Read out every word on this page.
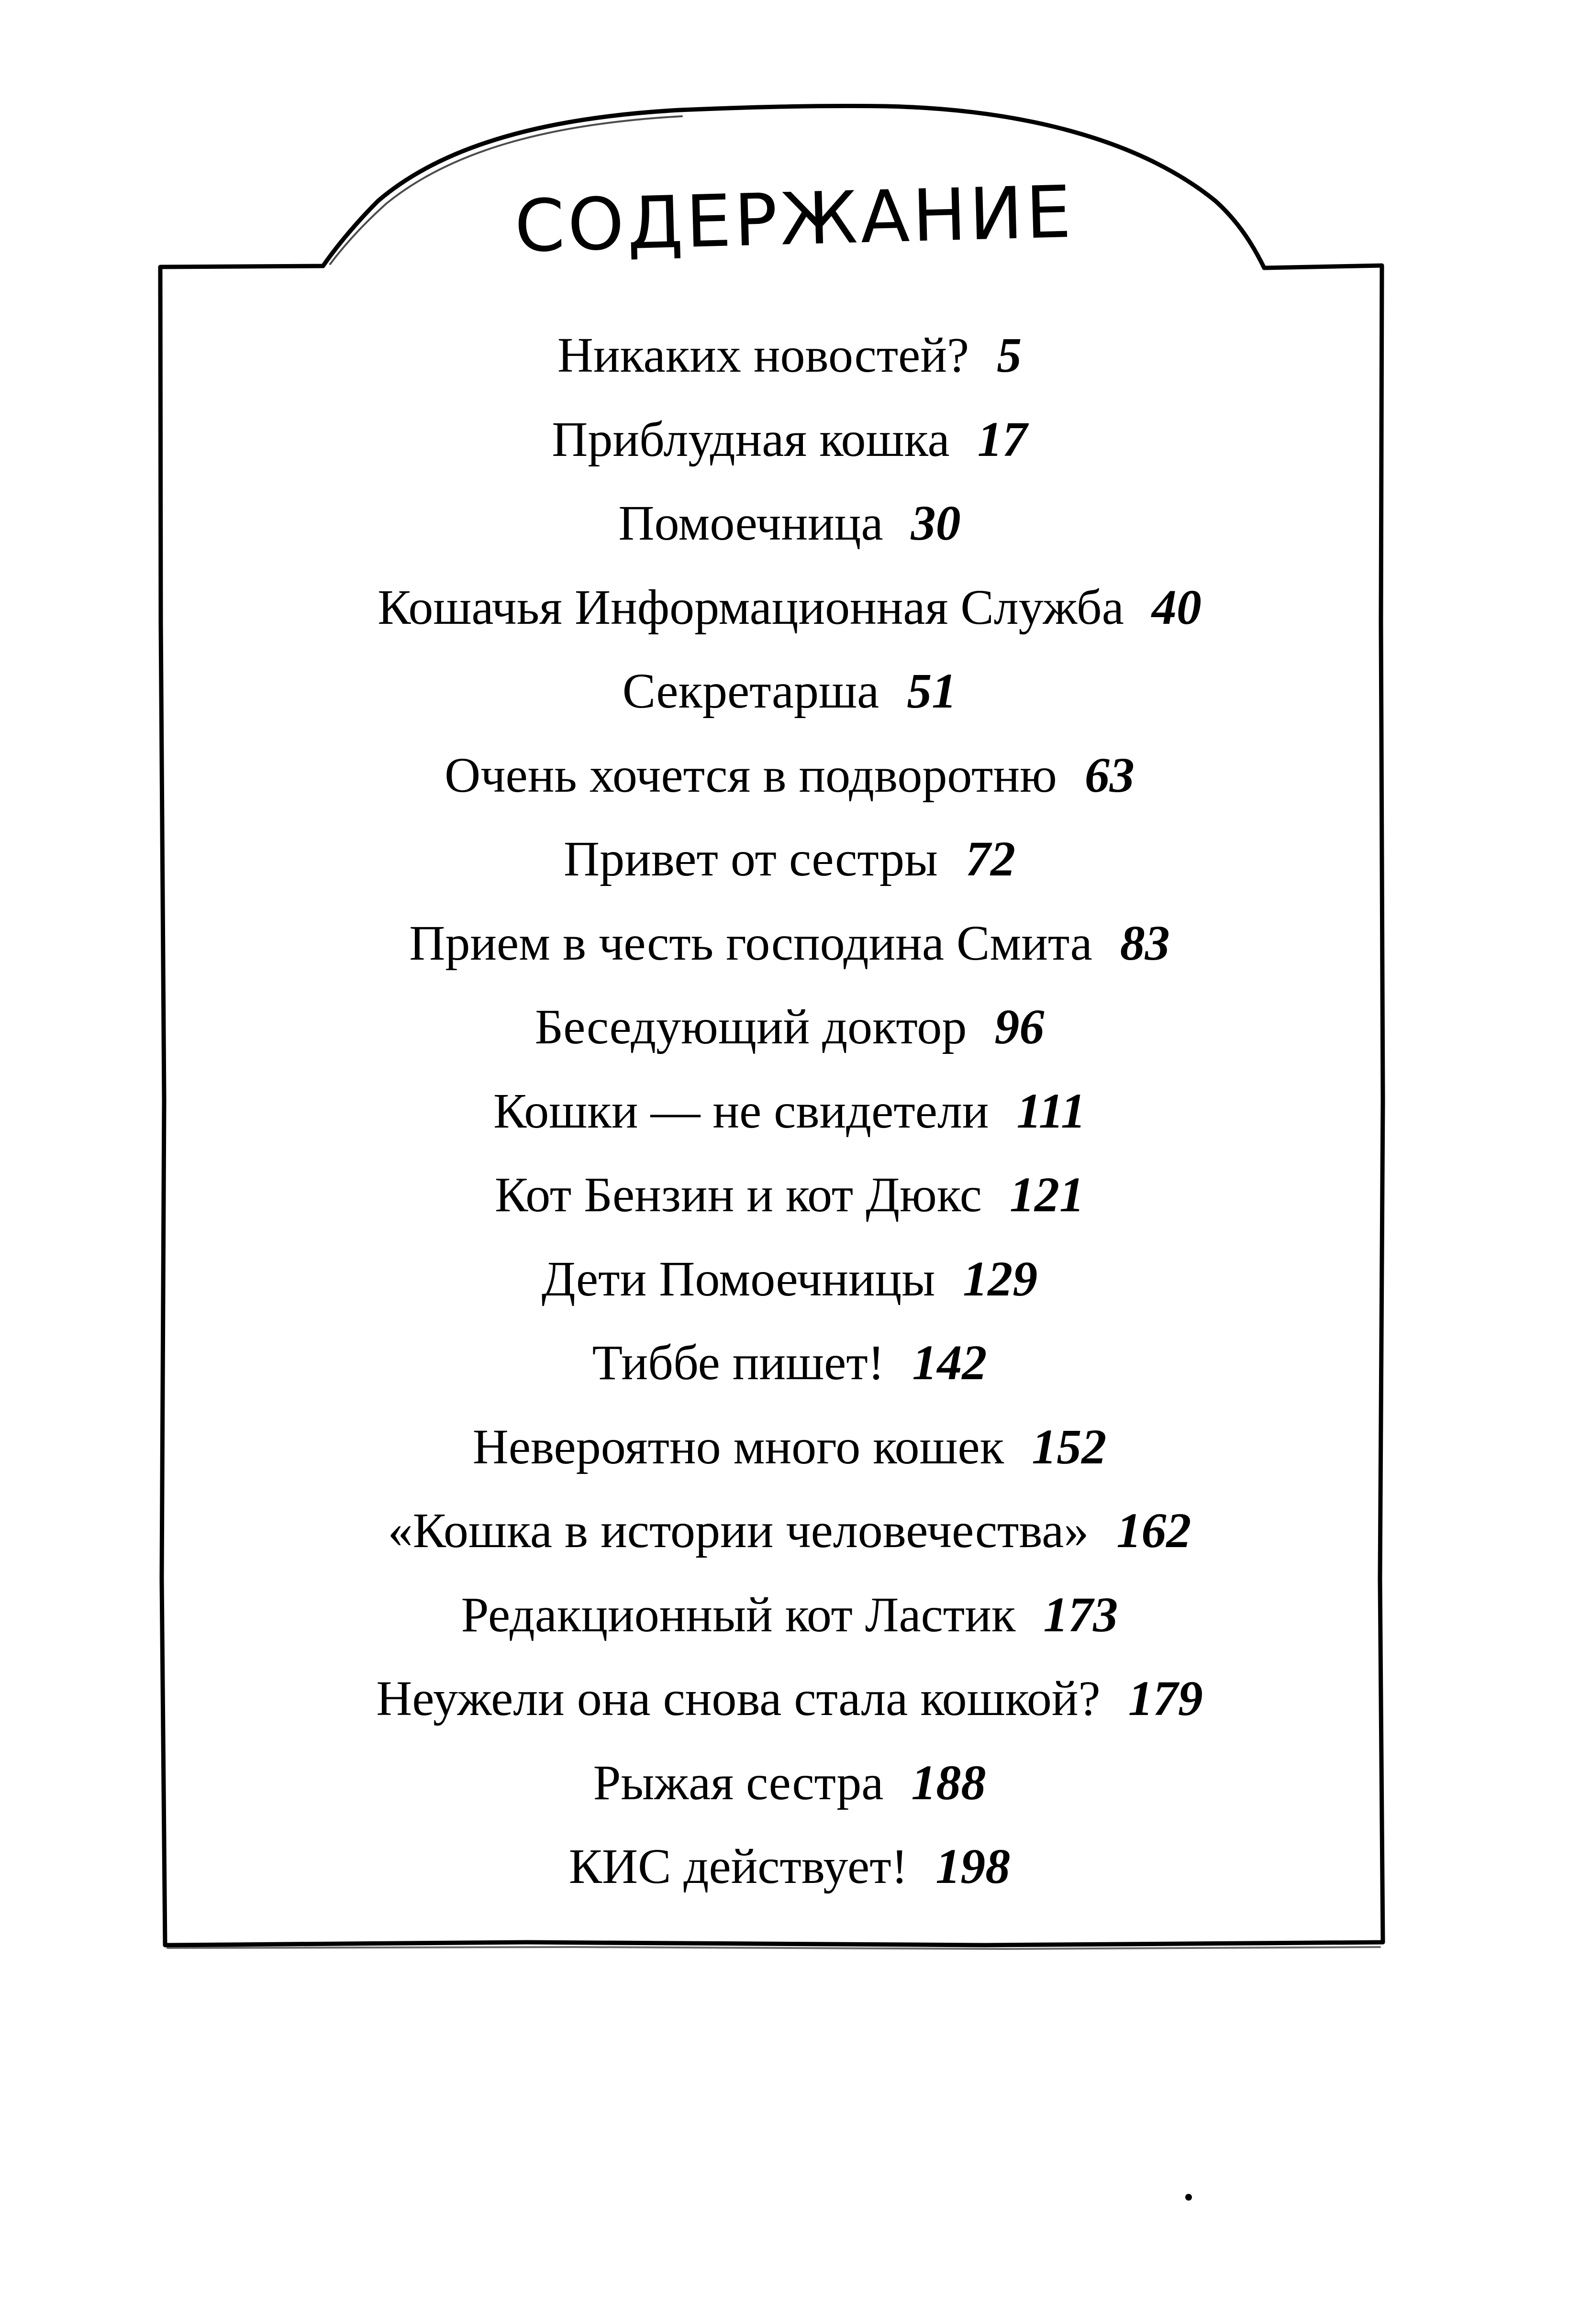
СОДЕРЖАНИЕ
Никаких новостей? 5
Приблудная кошка 17
Помоечница 30
Кошачья Информационная Служба 40
Секретарша 51
Очень хочется в подворотню 63
Привет от сестры 72
Прием в честь господина Смита 83
Беседующий доктор 96
Кошки — не свидетели 111
Кот Бензин и кот Дюкс 121
Дети Помоечницы 129
Тиббе пишет! 142
Невероятно много кошек 152
«Кошка в истории человечества» 162
Редакционный кот Ластик 173
Неужели она снова стала кошкой? 179
Рыжая сестра 188
КИС действует! 198
